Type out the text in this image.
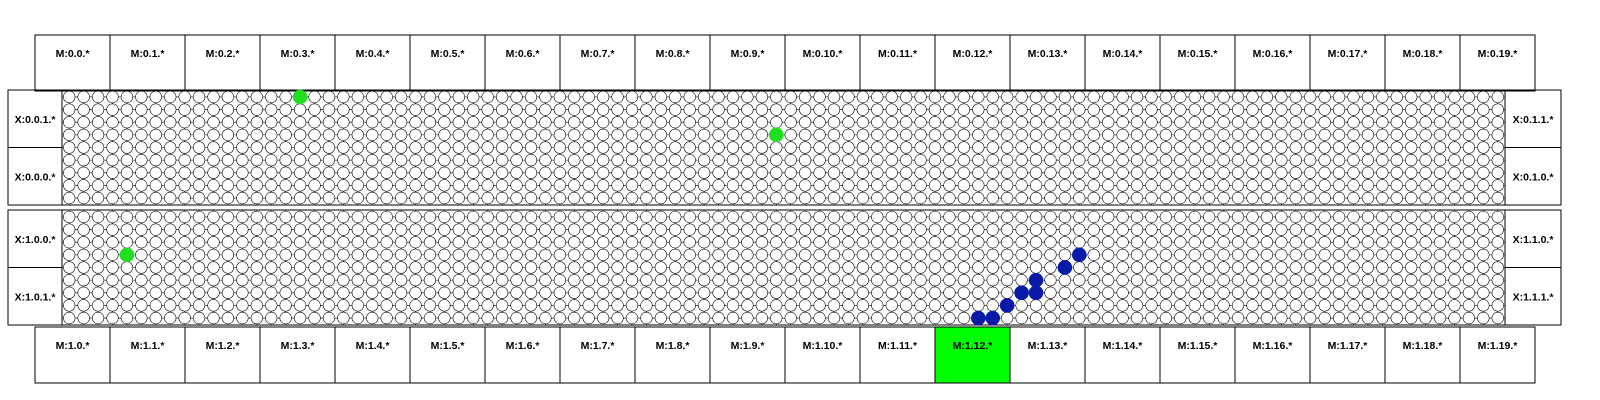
M:0.0.*	M:0.1.*	M:0.2.*	M:0.3.*	M:0.4.*	M:0.5.*	M:0.6.*	M:0.7.*	M:0.8.*	M:0.9.*	M:0.10.*	M:0.11.*	M:0.12.*	M:0.13.*	M:0.14.*	M:0.15.*	M:0.16.*	M:0.17.*	M:0.18.*	M:0.19.*
X:0.0.1.*
X:0.0.0.*
X:0.1.1.*
X:0.1.0.*
X:1.0.0.*
X:1.0.1.*
X:1.1.0.*
X:1.1.1.*
M:1.0.*	M:1.1.*	M:1.2.*	M:1.3.*	M:1.4.*	M:1.5.*	M:1.6.*	M:1.7.*	M:1.8.*	M:1.9.*	M:1.10.*	M:1.11.*	M:1.12.*	M:1.13.*	M:1.14.*	M:1.15.*	M:1.16.*	M:1.17.*	M:1.18.*	M:1.19.*
